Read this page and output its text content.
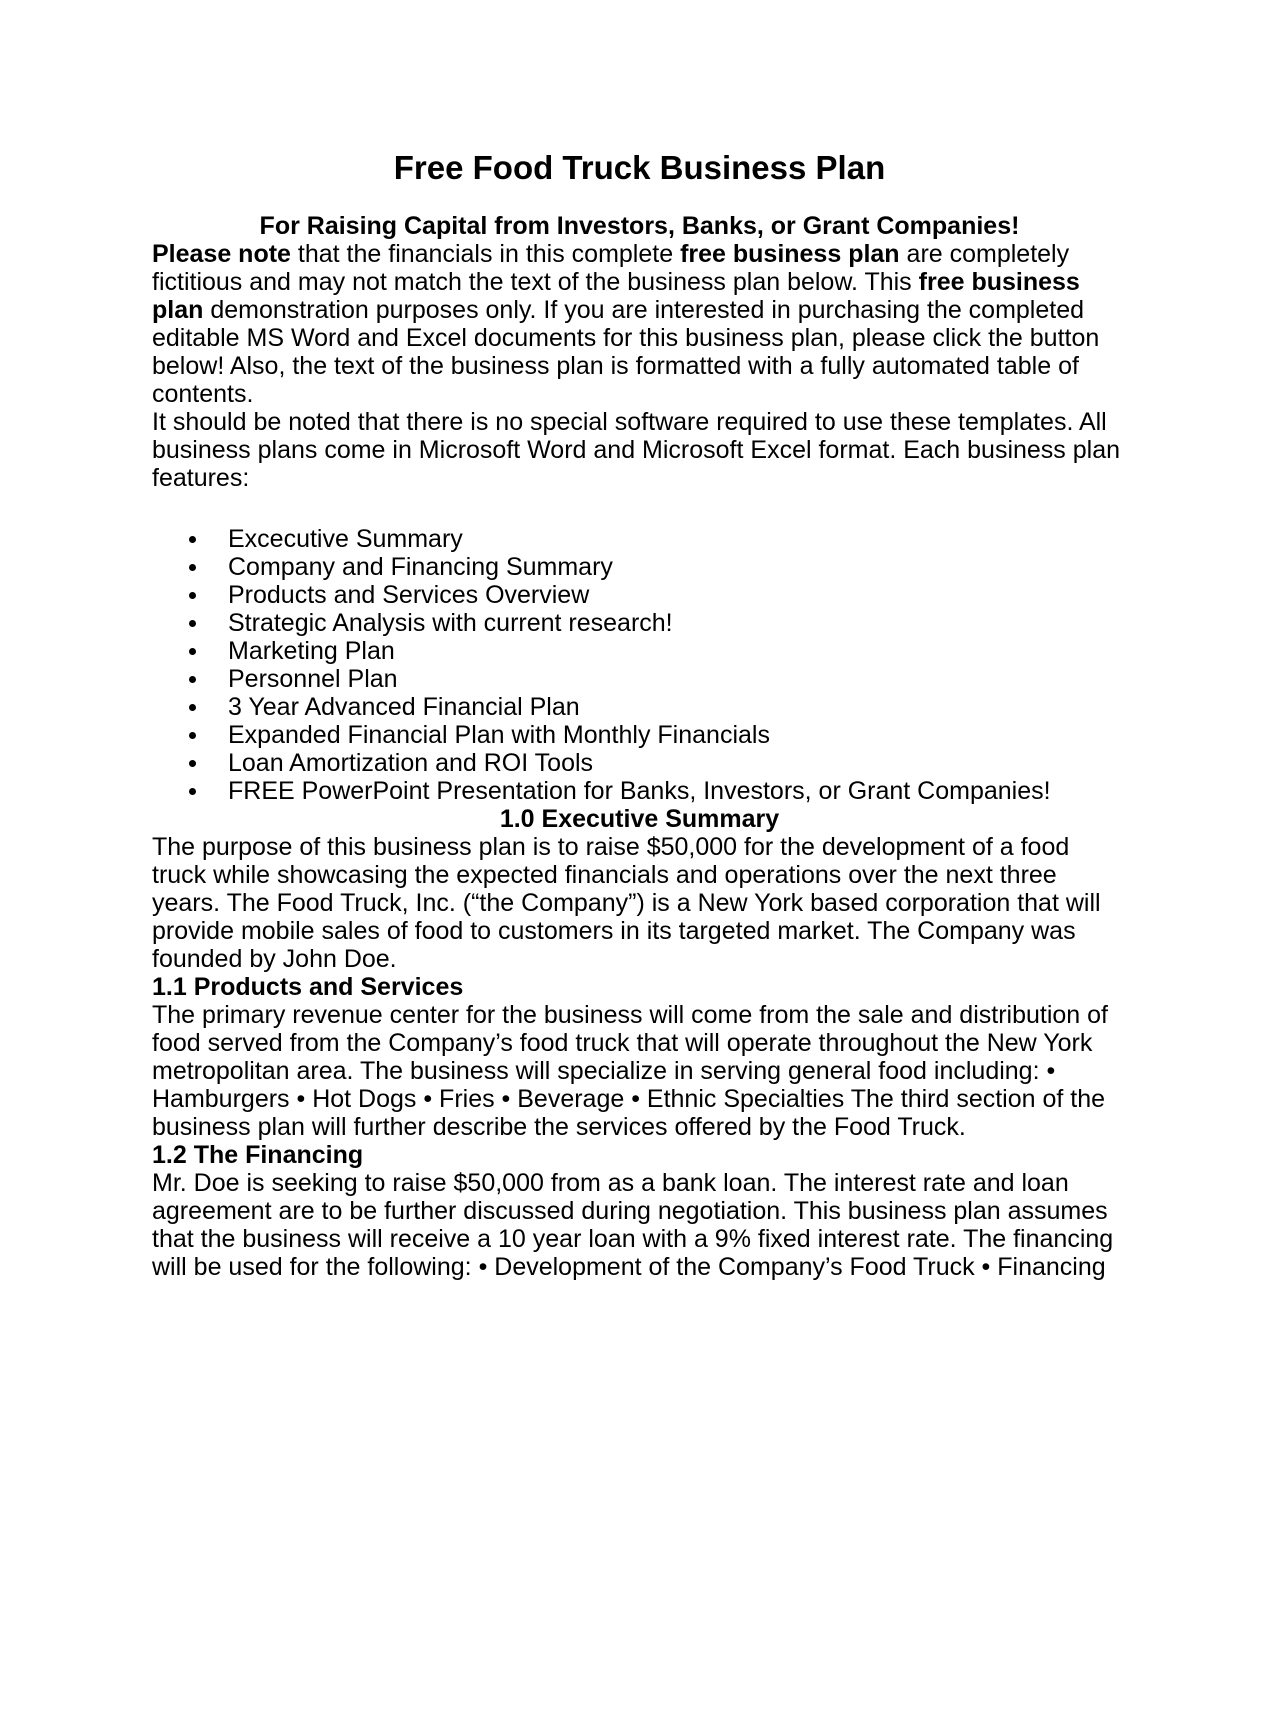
Free Food Truck Business Plan
For Raising Capital from Investors, Banks, or Grant Companies!

Please note that the financials in this complete free business plan are completely fictitious and may not match the text of the business plan below. This free business plan demonstration purposes only. If you are interested in purchasing the completed editable MS Word and Excel documents for this business plan, please click the button below! Also, the text of the business plan is formatted with a fully automated table of contents.

It should be noted that there is no special software required to use these templates. All business plans come in Microsoft Word and Microsoft Excel format. Each business plan features:

Excecutive Summary
Company and Financing Summary
Products and Services Overview
Strategic Analysis with current research!
Marketing Plan
Personnel Plan
3 Year Advanced Financial Plan
Expanded Financial Plan with Monthly Financials
Loan Amortization and ROI Tools
FREE PowerPoint Presentation for Banks, Investors, or Grant Companies!
1.0 Executive Summary

The purpose of this business plan is to raise $50,000 for the development of a food truck while showcasing the expected financials and operations over the next three years. The Food Truck, Inc. (“the Company”) is a New York based corporation that will provide mobile sales of food to customers in its targeted market. The Company was founded by John Doe.

1.1 Products and Services

The primary revenue center for the business will come from the sale and distribution of food served from the Company’s food truck that will operate throughout the New York metropolitan area. The business will specialize in serving general food including: • Hamburgers • Hot Dogs • Fries • Beverage • Ethnic Specialties The third section of the business plan will further describe the services offered by the Food Truck.

1.2 The Financing

Mr. Doe is seeking to raise $50,000 from as a bank loan. The interest rate and loan agreement are to be further discussed during negotiation. This business plan assumes that the business will receive a 10 year loan with a 9% fixed interest rate. The financing will be used for the following: • Development of the Company’s Food Truck • Financing
